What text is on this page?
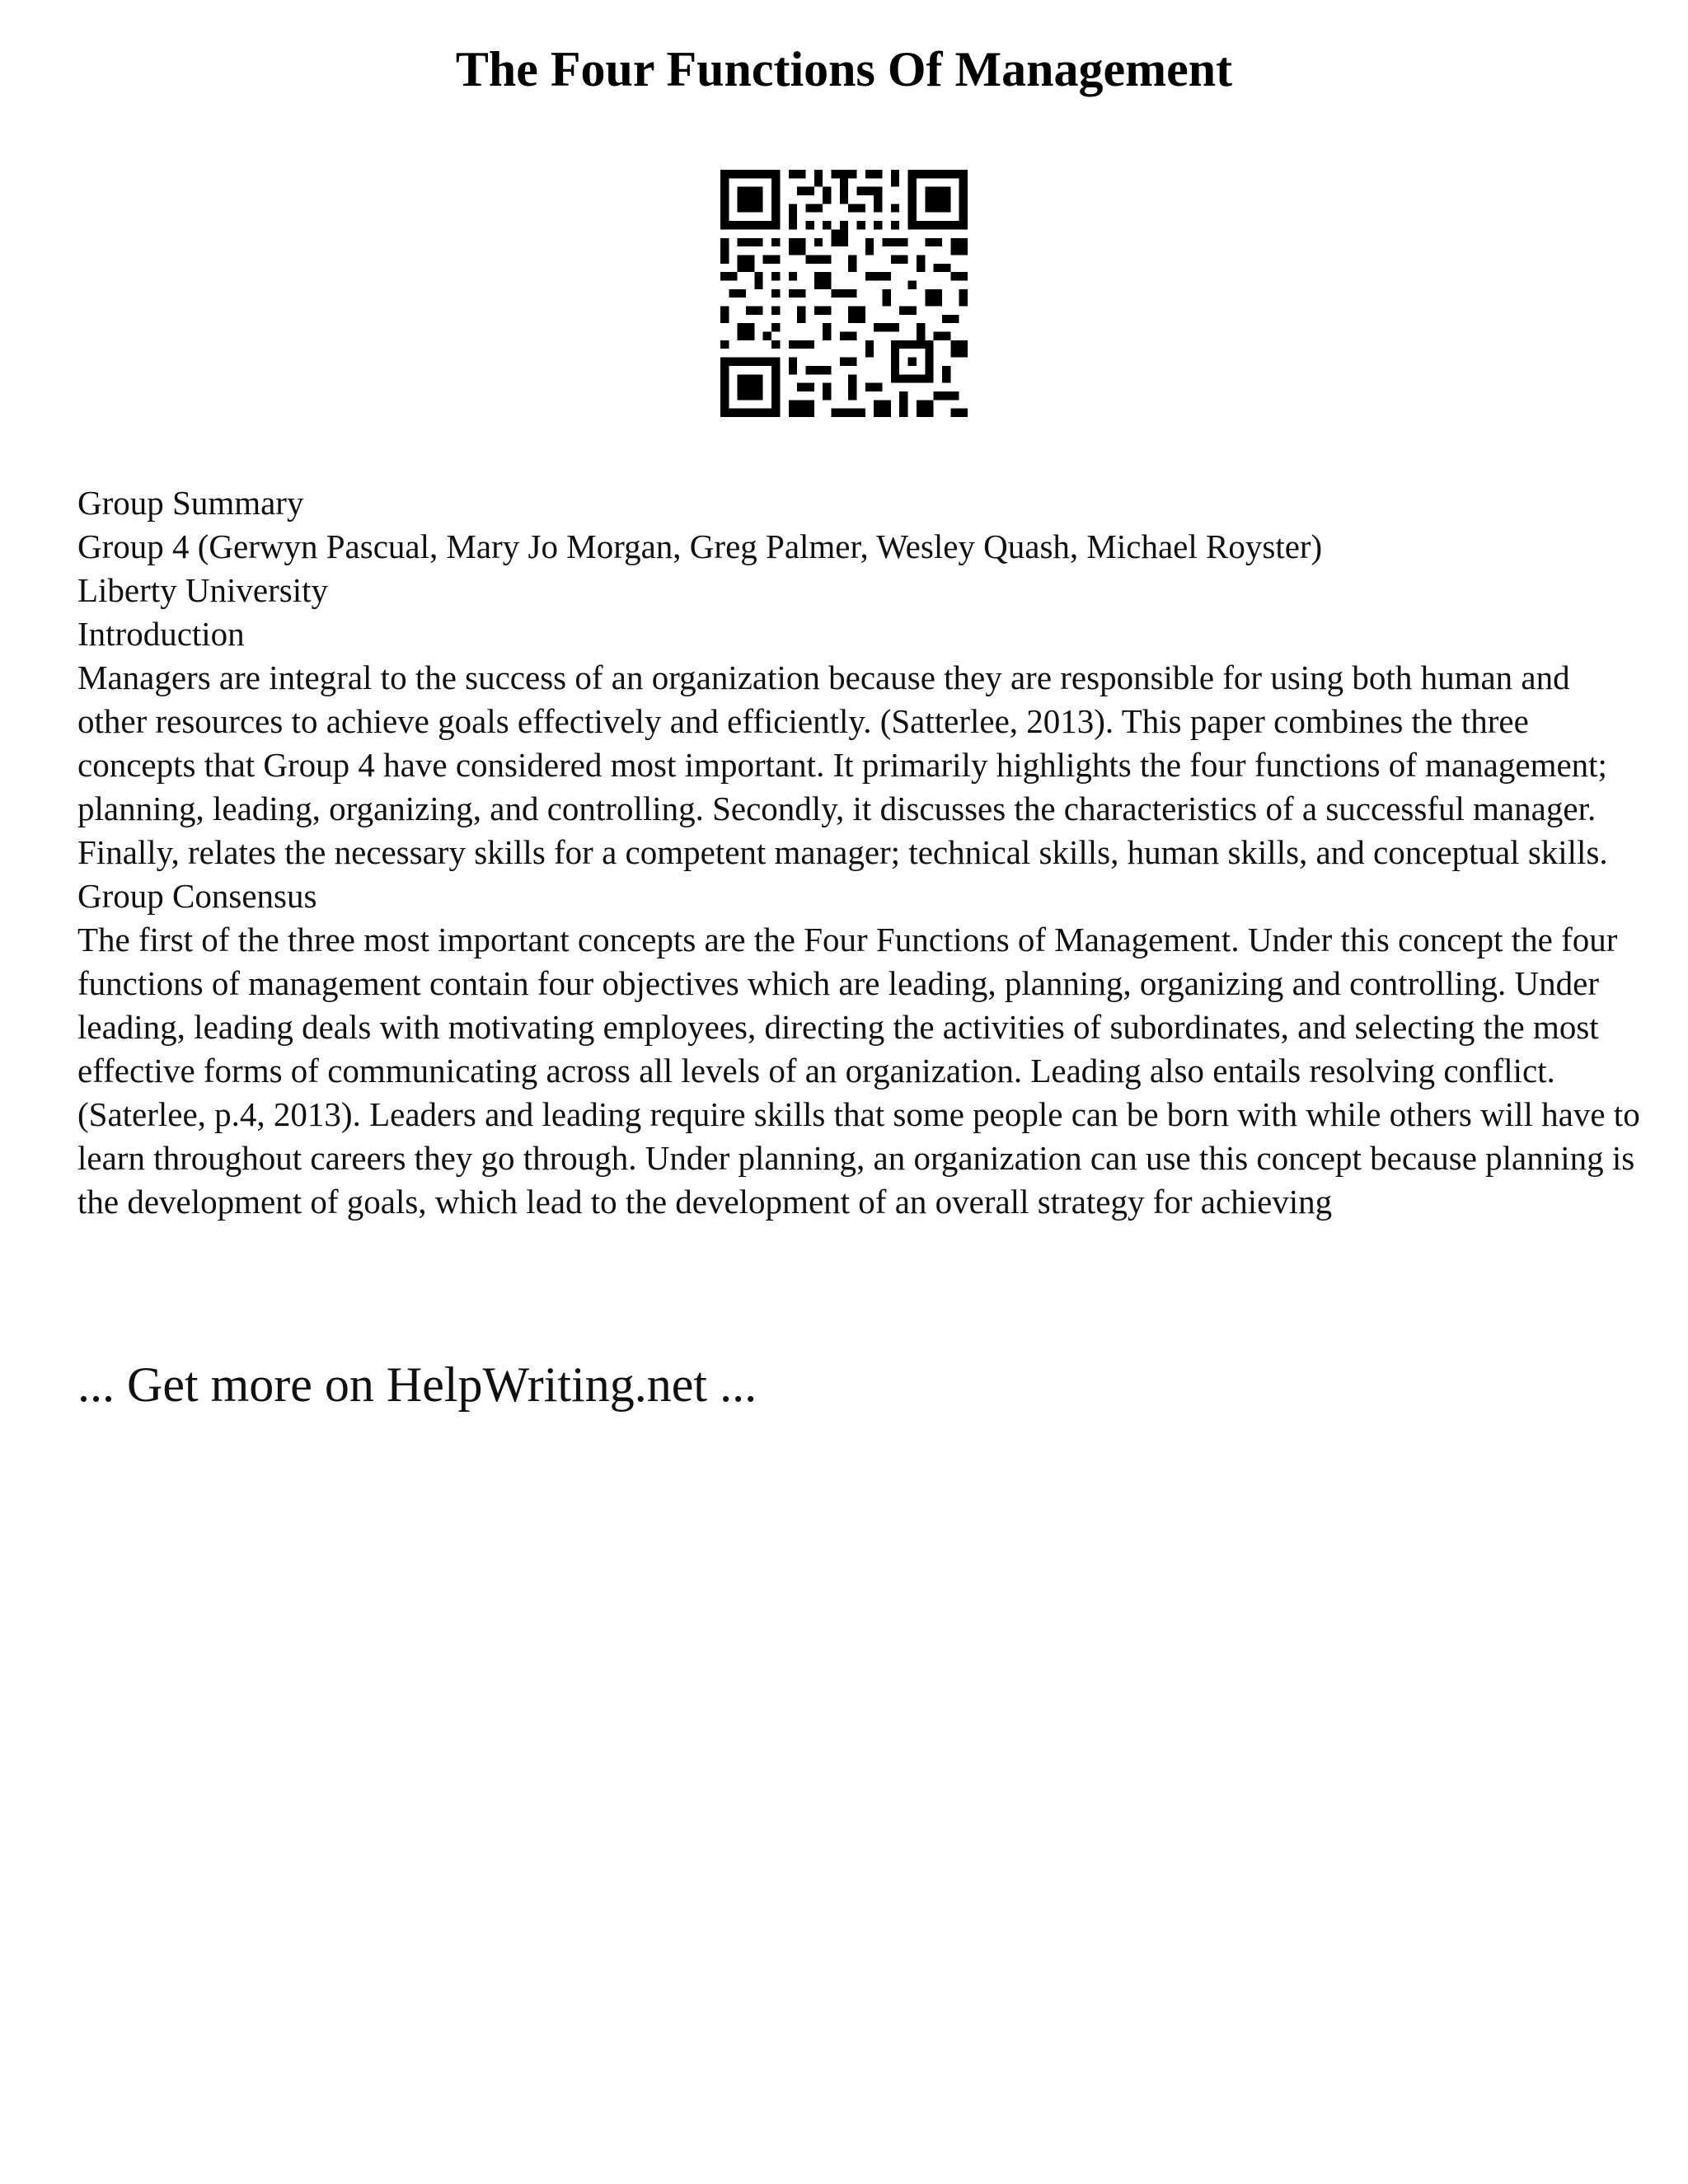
The Four Functions Of Management

Group Summary

Group 4 (Gerwyn Pascual, Mary Jo Morgan, Greg Palmer, Wesley Quash, Michael Royster)

Liberty University

Introduction

Managers are integral to the success of an organization because they are responsible for using both human and other resources to achieve goals effectively and efficiently. (Satterlee, 2013). This paper combines the three concepts that Group 4 have considered most important. It primarily highlights the four functions of management; planning, leading, organizing, and controlling. Secondly, it discusses the characteristics of a successful manager. Finally, relates the necessary skills for a competent manager; technical skills, human skills, and conceptual skills.

Group Consensus

The first of the three most important concepts are the Four Functions of Management. Under this concept the four functions of management contain four objectives which are leading, planning, organizing and controlling. Under leading, leading deals with motivating employees, directing the activities of subordinates, and selecting the most effective forms of communicating across all levels of an organization. Leading also entails resolving conflict. (Saterlee, p.4, 2013). Leaders and leading require skills that some people can be born with while others will have to learn throughout careers they go through. Under planning, an organization can use this concept because planning is the development of goals, which lead to the development of an overall strategy for achieving

... Get more on HelpWriting.net ...
